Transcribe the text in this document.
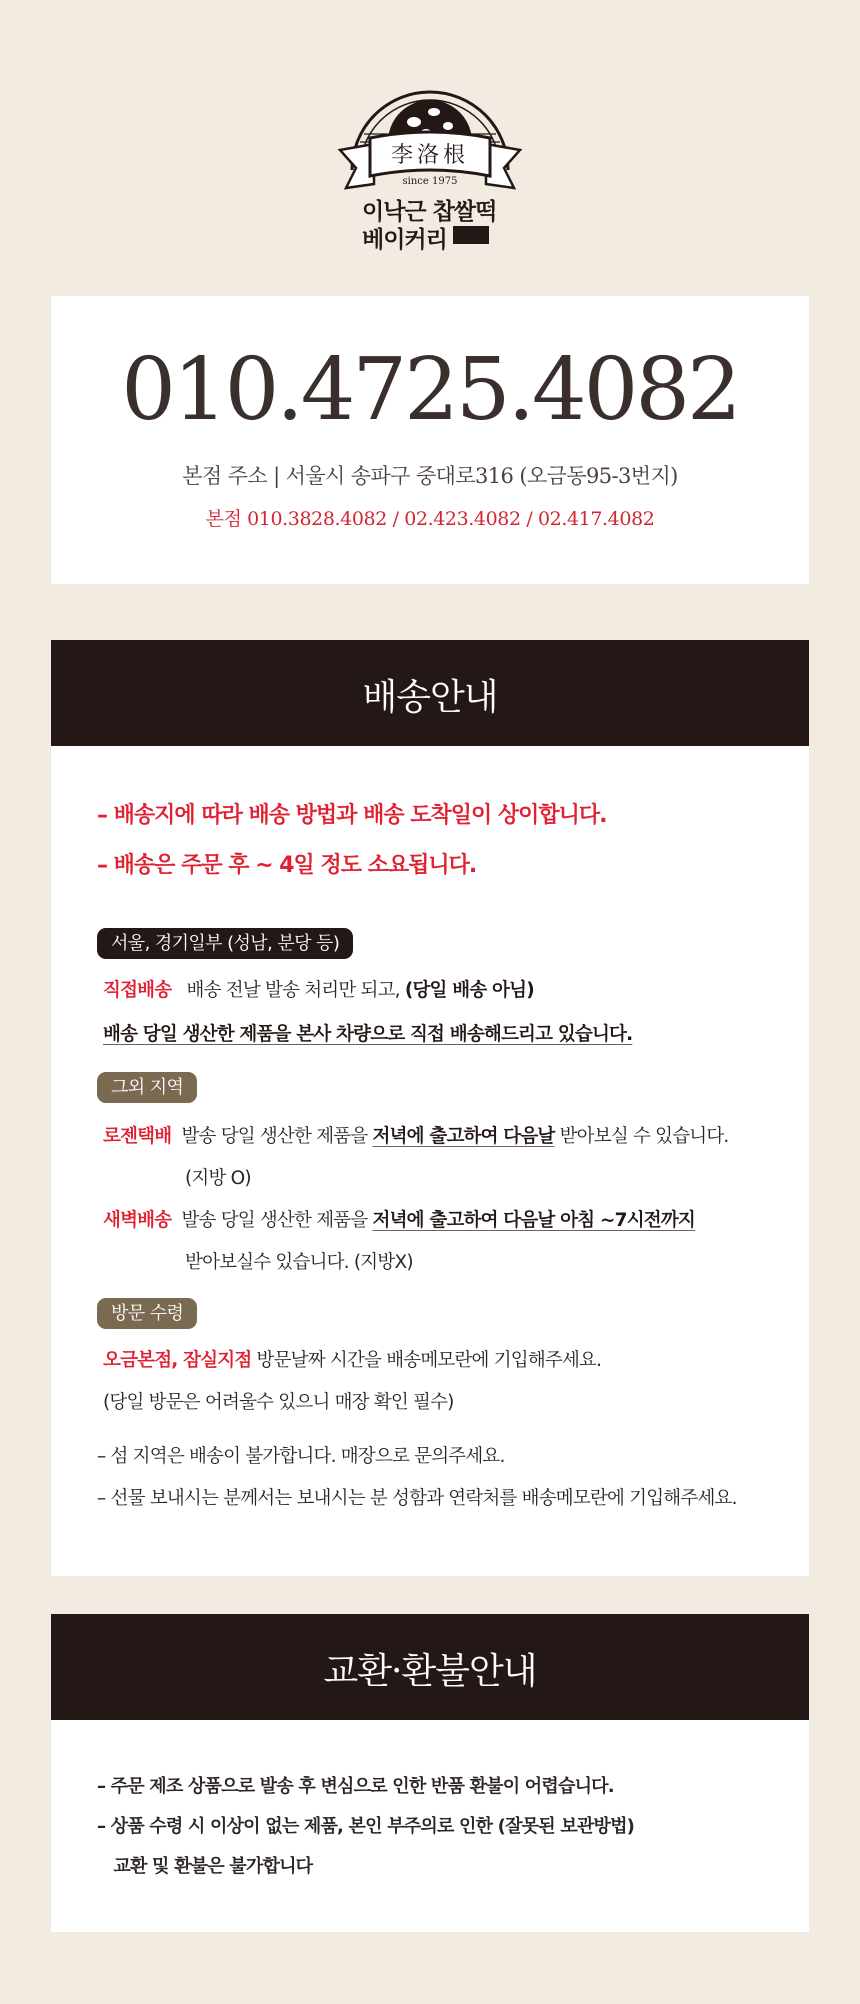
李洛根
since 1975
이낙근 찹쌀떡
베이커리
010.4725.4082
본점 주소 | 서울시 송파구 중대로316 (오금동95-3번지)
본점 010.3828.4082 / 02.423.4082 / 02.417.4082
배송안내
– 배송지에 따라 배송 방법과 배송 도착일이 상이합니다.
– 배송은 주문 후 ~ 4일 정도 소요됩니다.
서울, 경기일부 (성남, 분당 등)
직접배송 배송 전날 발송 처리만 되고, (당일 배송 아님)
배송 당일 생산한 제품을 본사 차량으로 직접 배송해드리고 있습니다.
그외 지역
로젠택배 발송 당일 생산한 제품을 저녁에 출고하여 다음날 받아보실 수 있습니다.
(지방 O)
새벽배송 발송 당일 생산한 제품을 저녁에 출고하여 다음날 아침 ~7시전까지
받아보실수 있습니다. (지방X)
방문 수령
오금본점, 잠실지점 방문날짜 시간을 배송메모란에 기입해주세요.
(당일 방문은 어려울수 있으니 매장 확인 필수)
– 섬 지역은 배송이 불가합니다. 매장으로 문의주세요.
– 선물 보내시는 분께서는 보내시는 분 성함과 연락처를 배송메모란에 기입해주세요.
교환·환불안내
– 주문 제조 상품으로 발송 후 변심으로 인한 반품 환불이 어렵습니다.
– 상품 수령 시 이상이 없는 제품, 본인 부주의로 인한 (잘못된 보관방법)
교환 및 환불은 불가합니다
